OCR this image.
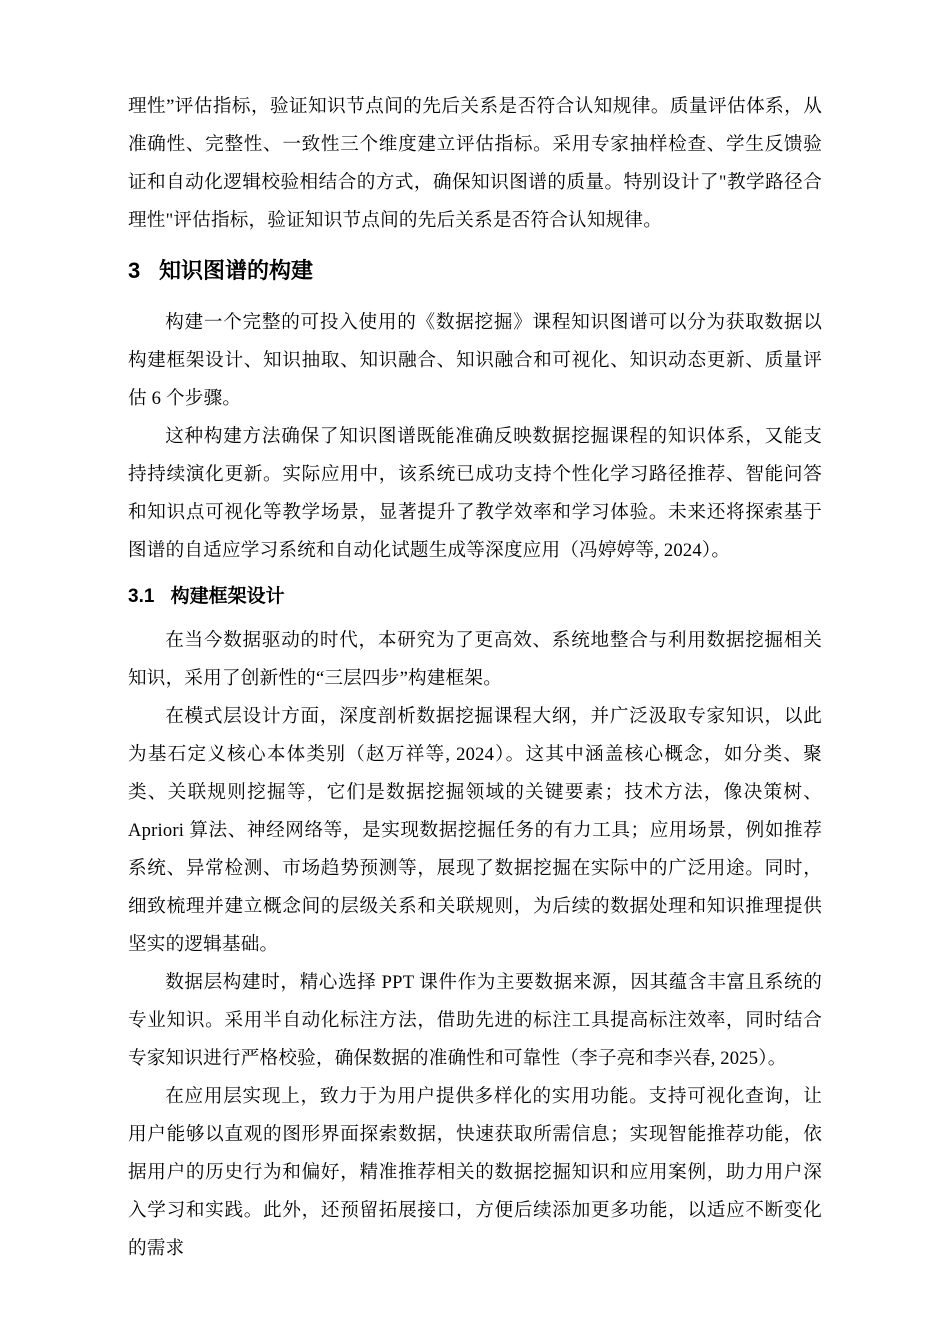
理性”评估指标，验证知识节点间的先后关系是否符合认知规律。质量评估体系，从准确性、完整性、一致性三个维度建立评估指标。采用专家抽样检查、学生反馈验证和自动化逻辑校验相结合的方式，确保知识图谱的质量。特别设计了"教学路径合理性"评估指标，验证知识节点间的先后关系是否符合认知规律。

3 知识图谱的构建

构建一个完整的可投入使用的《数据挖掘》课程知识图谱可以分为获取数据以构建框架设计、知识抽取、知识融合、知识融合和可视化、知识动态更新、质量评估 6 个步骤。

这种构建方法确保了知识图谱既能准确反映数据挖掘课程的知识体系，又能支持持续演化更新。实际应用中，该系统已成功支持个性化学习路径推荐、智能问答和知识点可视化等教学场景，显著提升了教学效率和学习体验。未来还将探索基于图谱的自适应学习系统和自动化试题生成等深度应用（冯婷婷等, 2024）。

3.1 构建框架设计

在当今数据驱动的时代，本研究为了更高效、系统地整合与利用数据挖掘相关知识，采用了创新性的“三层四步”构建框架。

在模式层设计方面，深度剖析数据挖掘课程大纲，并广泛汲取专家知识，以此为基石定义核心本体类别（赵万祥等, 2024）。这其中涵盖核心概念，如分类、聚类、关联规则挖掘等，它们是数据挖掘领域的关键要素；技术方法，像决策树、Apriori 算法、神经网络等，是实现数据挖掘任务的有力工具；应用场景，例如推荐系统、异常检测、市场趋势预测等，展现了数据挖掘在实际中的广泛用途。同时，细致梳理并建立概念间的层级关系和关联规则，为后续的数据处理和知识推理提供坚实的逻辑基础。

数据层构建时，精心选择 PPT 课件作为主要数据来源，因其蕴含丰富且系统的专业知识。采用半自动化标注方法，借助先进的标注工具提高标注效率，同时结合专家知识进行严格校验，确保数据的准确性和可靠性（李子亮和李兴春, 2025）。

在应用层实现上，致力于为用户提供多样化的实用功能。支持可视化查询，让用户能够以直观的图形界面探索数据，快速获取所需信息；实现智能推荐功能，依据用户的历史行为和偏好，精准推荐相关的数据挖掘知识和应用案例，助力用户深入学习和实践。此外，还预留拓展接口，方便后续添加更多功能，以适应不断变化的需求
